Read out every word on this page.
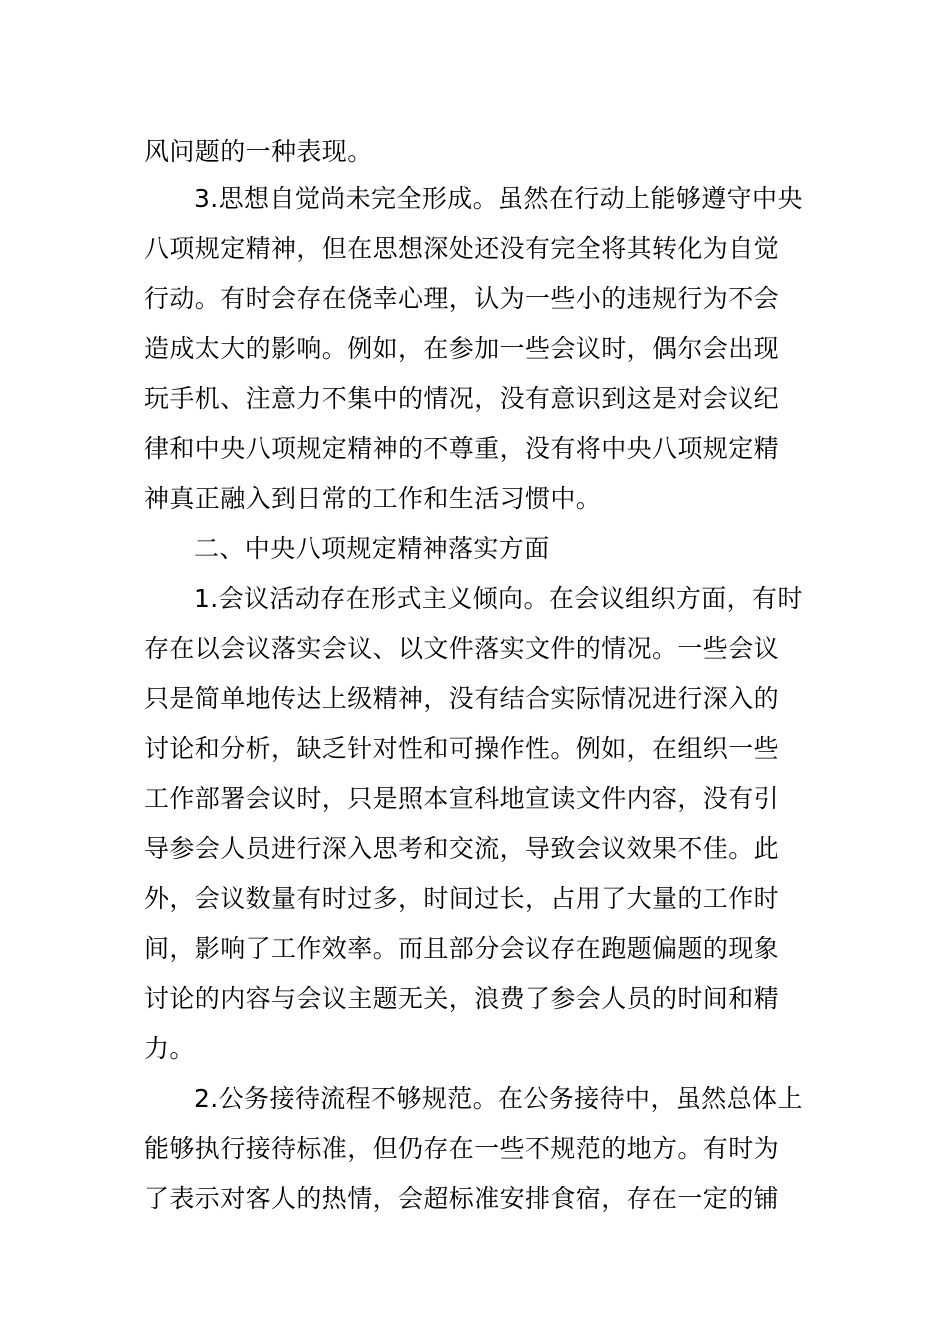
风问题的一种表现。
3.思想自觉尚未完全形成。虽然在行动上能够遵守中央
八项规定精神，但在思想深处还没有完全将其转化为自觉
行动。有时会存在侥幸心理，认为一些小的违规行为不会
造成太大的影响。例如，在参加一些会议时，偶尔会出现
玩手机、注意力不集中的情况，没有意识到这是对会议纪
律和中央八项规定精神的不尊重，没有将中央八项规定精
神真正融入到日常的工作和生活习惯中。
二、中央八项规定精神落实方面
1.会议活动存在形式主义倾向。在会议组织方面，有时
存在以会议落实会议、以文件落实文件的情况。一些会议
只是简单地传达上级精神，没有结合实际情况进行深入的
讨论和分析，缺乏针对性和可操作性。例如，在组织一些
工作部署会议时，只是照本宣科地宣读文件内容，没有引
导参会人员进行深入思考和交流，导致会议效果不佳。此
外，会议数量有时过多，时间过长，占用了大量的工作时
间，影响了工作效率。而且部分会议存在跑题偏题的现象
讨论的内容与会议主题无关，浪费了参会人员的时间和精
力。
2.公务接待流程不够规范。在公务接待中，虽然总体上
能够执行接待标准，但仍存在一些不规范的地方。有时为
了表示对客人的热情，会超标准安排食宿，存在一定的铺
